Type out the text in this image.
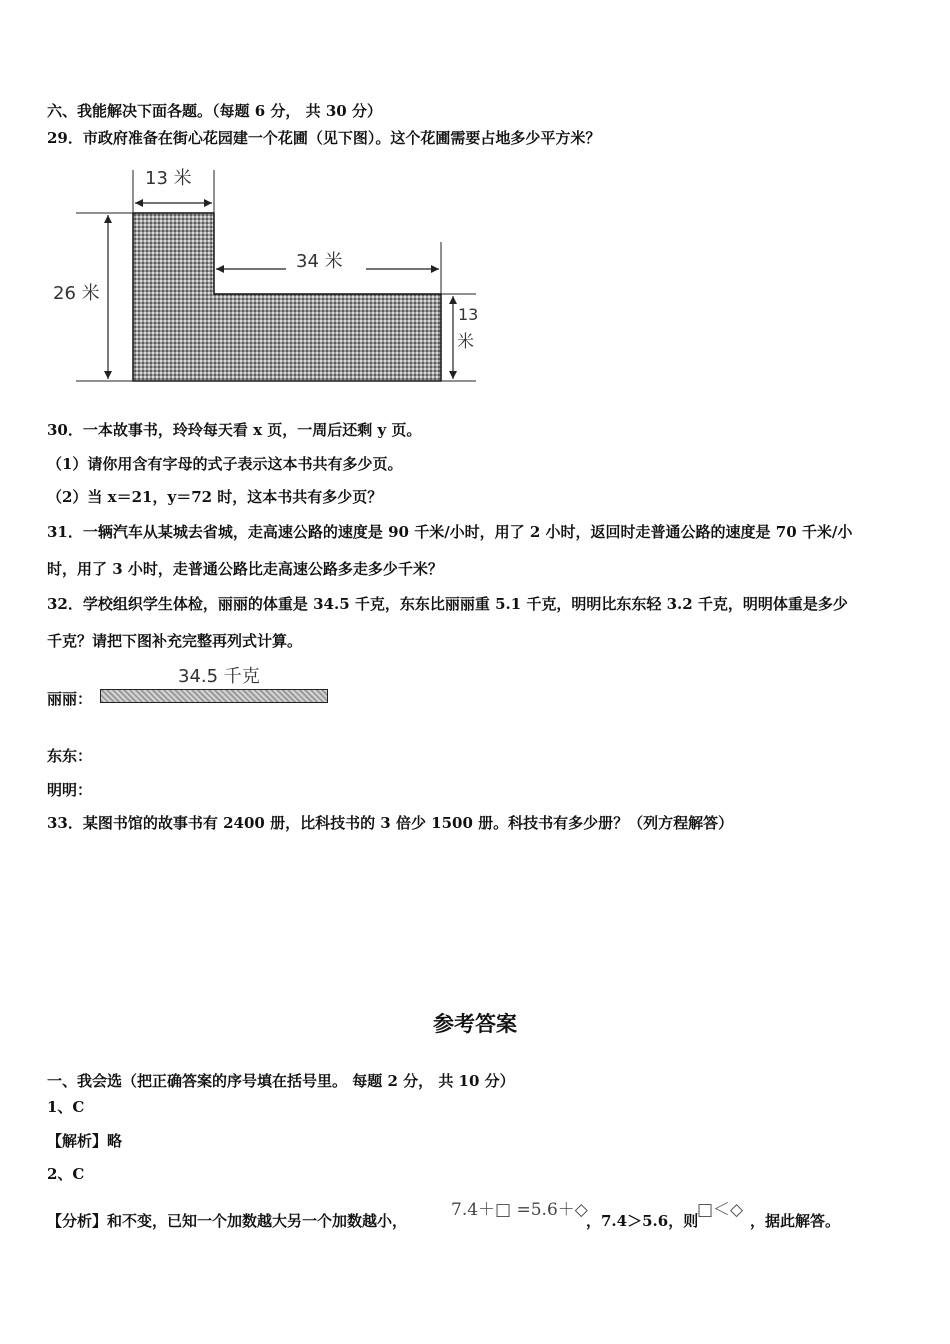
六、我能解决下面各题。（每题 6 分， 共 30 分）
29．市政府准备在街心花园建一个花圃（见下图）。这个花圃需要占地多少平方米？
13 米
26 米
34 米
13
米
30．一本故事书，玲玲每天看 x 页，一周后还剩 y 页。
（1）请你用含有字母的式子表示这本书共有多少页。
（2）当 x＝21，y＝72 时，这本书共有多少页？
31．一辆汽车从某城去省城，走高速公路的速度是 90 千米/小时，用了 2 小时，返回时走普通公路的速度是 70 千米/小
时，用了 3 小时，走普通公路比走高速公路多走多少千米？
32．学校组织学生体检，丽丽的体重是 34.5 千克，东东比丽丽重 5.1 千克，明明比东东轻 3.2 千克，明明体重是多少
千克？请把下图补充完整再列式计算。
34.5 千克
丽丽：
东东：
明明：
33．某图书馆的故事书有 2400 册，比科技书的 3 倍少 1500 册。科技书有多少册？（列方程解答）
参考答案
一、我会选（把正确答案的序号填在括号里。 每题 2 分， 共 10 分）
1、C
【解析】略
2、C
【分析】和不变，已知一个加数越大另一个加数越小，
7.4＋□ =5.6＋◇
，7.4＞5.6，则
□＜◇
，据此解答。
